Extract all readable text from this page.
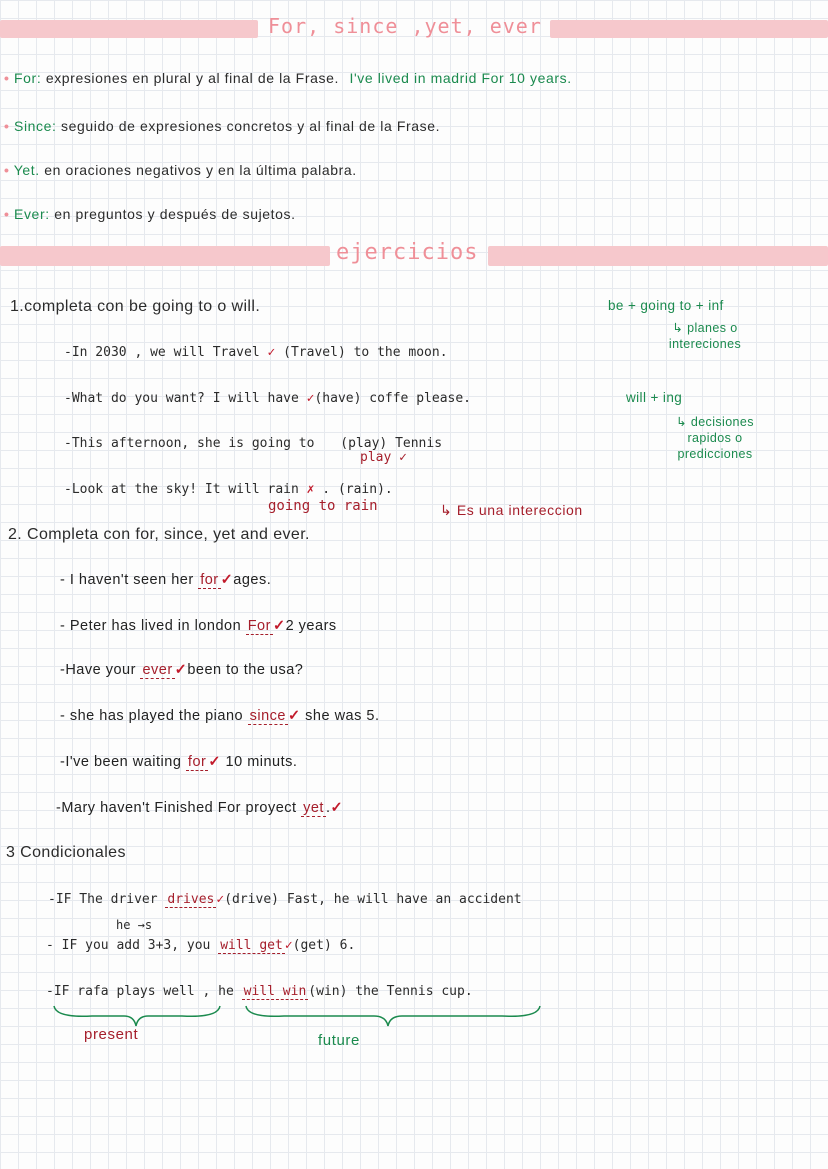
For, since ,yet, ever
• For: expresiones en plural y al final de la Frase. I've lived in madrid For 10 years.
• Since: seguido de expresiones concretos y al final de la Frase.
• Yet. en oraciones negativos y en la última palabra.
• Ever: en preguntos y después de sujetos.
ejercicios
1.completa con be going to o will.
-In 2030 , we will Travel ✓ (Travel) to the moon.
-What do you want? I will have ✓(have) coffe please.
-This afternoon, she is going to (play) Tennis
play ✓
-Look at the sky! It will rain ✗ . (rain).
going to rain	↳ Es una intereccion
be + going to + inf
↳ planes o intereciones
will + ing
↳ decisiones rapidos o predicciones
2. Completa con for, since, yet and ever.
- I haven't seen her for ✓ages.
- Peter has lived in london For ✓2 years
-Have your ever ✓been to the usa?
- she has played the piano since ✓ she was 5.
-I've been waiting for ✓ 10 minuts.
-Mary haven't Finished For proyect yet .✓
3 Condicionales
-IF The driver drives ✓(drive) Fast, he will have an accident
he →s
- IF you add 3+3, you will get ✓(get) 6.
-IF rafa plays well , he will win (win) the Tennis cup.
present	future
